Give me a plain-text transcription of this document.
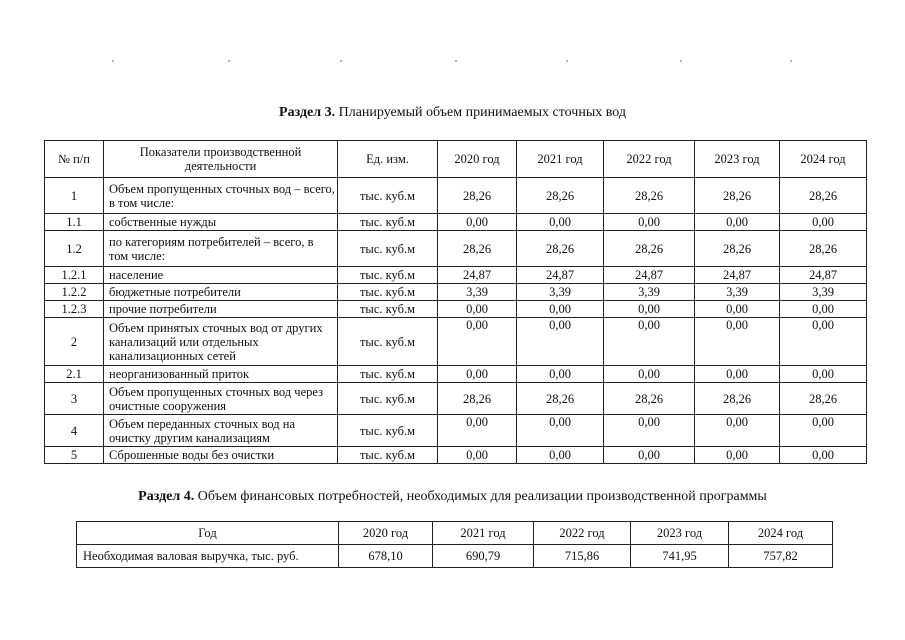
Раздел 3. Планируемый объем принимаемых сточных вод
№ п/п	Показатели производственной деятельности	Ед. изм.	2020 год	2021 год	2022 год	2023 год	2024 год
1	Объем пропущенных сточных вод – всего, в том числе:	тыс. куб.м	28,26	28,26	28,26	28,26	28,26
1.1	собственные нужды	тыс. куб.м	0,00	0,00	0,00	0,00	0,00
1.2	по категориям потребителей – всего, в том числе:	тыс. куб.м	28,26	28,26	28,26	28,26	28,26
1.2.1	население	тыс. куб.м	24,87	24,87	24,87	24,87	24,87
1.2.2	бюджетные потребители	тыс. куб.м	3,39	3,39	3,39	3,39	3,39
1.2.3	прочие потребители	тыс. куб.м	0,00	0,00	0,00	0,00	0,00
2	Объем принятых сточных вод от других канализаций или отдельных канализационных сетей	тыс. куб.м	0,00	0,00	0,00	0,00	0,00
2.1	неорганизованный приток	тыс. куб.м	0,00	0,00	0,00	0,00	0,00
3	Объем пропущенных сточных вод через очистные сооружения	тыс. куб.м	28,26	28,26	28,26	28,26	28,26
4	Объем переданных сточных вод на очистку другим канализациям	тыс. куб.м	0,00	0,00	0,00	0,00	0,00
5	Сброшенные воды без очистки	тыс. куб.м	0,00	0,00	0,00	0,00	0,00
Раздел 4. Объем финансовых потребностей, необходимых для реализации производственной программы
Год	2020 год	2021 год	2022 год	2023 год	2024 год
Необходимая валовая выручка, тыс. руб.	678,10	690,79	715,86	741,95	757,82
